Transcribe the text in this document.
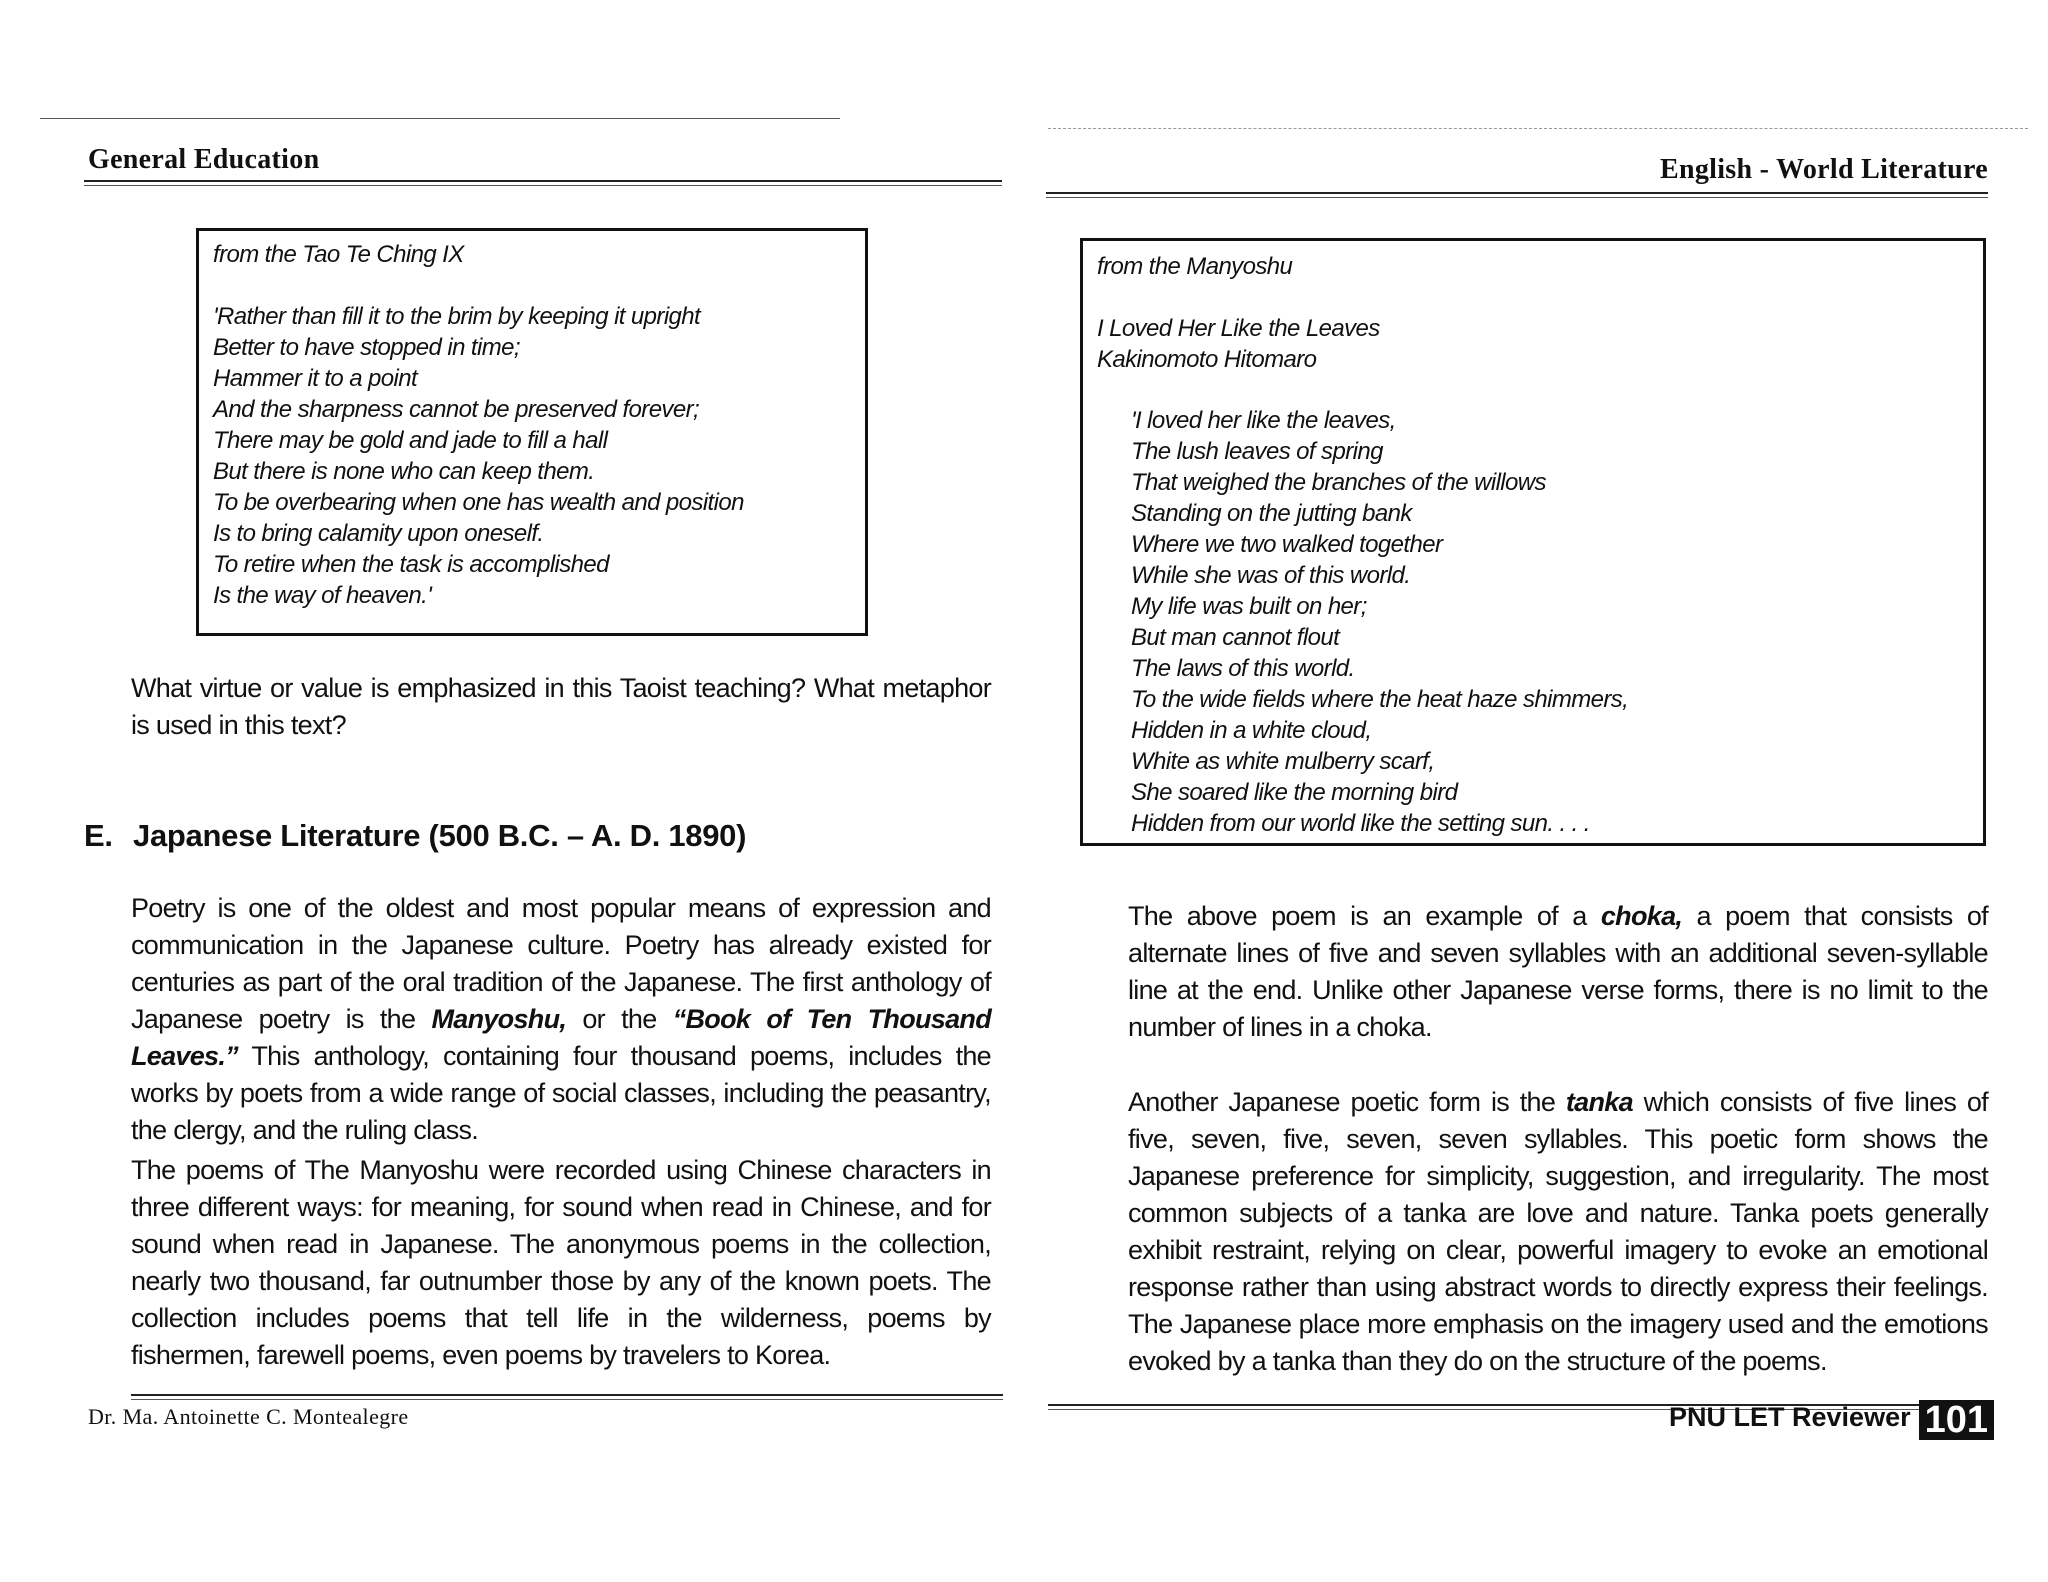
General Education
from the Tao Te Ching IX
'Rather than fill it to the brim by keeping it upright
Better to have stopped in time;
Hammer it to a point
And the sharpness cannot be preserved forever;
There may be gold and jade to fill a hall
But there is none who can keep them.
To be overbearing when one has wealth and position
Is to bring calamity upon oneself.
To retire when the task is accomplished
Is the way of heaven.'
What virtue or value is emphasized in this Taoist teaching? What metaphor is used in this text?
E. Japanese Literature (500 B.C. – A. D. 1890)

Poetry is one of the oldest and most popular means of expression and communication in the Japanese culture. Poetry has already existed for centuries as part of the oral tradition of the Japanese. The first anthology of Japanese poetry is the Manyoshu, or the “Book of Ten Thousand Leaves.” This anthology, containing four thousand poems, includes the works by poets from a wide range of social classes, including the peasantry, the clergy, and the ruling class.

The poems of The Manyoshu were recorded using Chinese characters in three different ways: for meaning, for sound when read in Chinese, and for sound when read in Japanese. The anonymous poems in the collection, nearly two thousand, far outnumber those by any of the known poets. The collection includes poems that tell life in the wilderness, poems by fishermen, farewell poems, even poems by travelers to Korea.

Dr. Ma. Antoinette C. Montealegre
English - World Literature
from the Manyoshu
I Loved Her Like the Leaves
Kakinomoto Hitomaro
'I loved her like the leaves,
The lush leaves of spring
That weighed the branches of the willows
Standing on the jutting bank
Where we two walked together
While she was of this world.
My life was built on her;
But man cannot flout
The laws of this world.
To the wide fields where the heat haze shimmers,
Hidden in a white cloud,
White as white mulberry scarf,
She soared like the morning bird
Hidden from our world like the setting sun. . . .

The above poem is an example of a choka, a poem that consists of alternate lines of five and seven syllables with an additional seven-syllable line at the end. Unlike other Japanese verse forms, there is no limit to the number of lines in a choka.

Another Japanese poetic form is the tanka which consists of five lines of five, seven, five, seven, seven syllables. This poetic form shows the Japanese preference for simplicity, suggestion, and irregularity. The most common subjects of a tanka are love and nature. Tanka poets generally exhibit restraint, relying on clear, powerful imagery to evoke an emotional response rather than using abstract words to directly express their feelings. The Japanese place more emphasis on the imagery used and the emotions evoked by a tanka than they do on the structure of the poems.

PNU LET Reviewer 101
